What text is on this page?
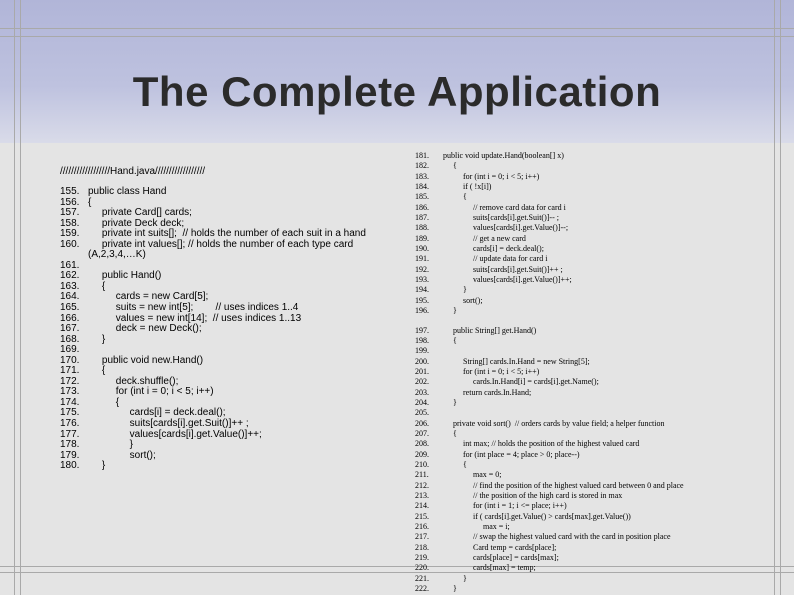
The Complete Application
//////////////////Hand.java//////////////////
155. public class Hand
156. {
157.     private Card[] cards;
158.     private Deck deck;
159.     private int suits[];  // holds the number of each suit in a hand
160.     private int values[]; // holds the number of each type card
(A,2,3,4,…K)
161.
162.     public Hand()
163.     {
164.          cards = new Card[5];
165.          suits = new int[5];        // uses indices 1..4
166.          values = new int[14];  // uses indices 1..13
167.          deck = new Deck();
168.     }
169.
170.     public void new.Hand()
171.     {
172.          deck.shuffle();
173.          for (int i = 0; i < 5; i++)
174.          {
175.               cards[i] = deck.deal();
176.               suits[cards[i].get.Suit()]++ ;
177.               values[cards[i].get.Value()]++;
178.               }
179.               sort();
180.     }
181. public void update.Hand(boolean[] x)
182.     {
183.          for (int i = 0; i < 5; i++)
184.          if ( !x[i])
185.          {
186.               // remove card data for card i
187.               suits[cards[i].get.Suit()]-- ;
188.               values[cards[i].get.Value()]--;
189.               // get a new card
190.               cards[i] = deck.deal();
191.               // update data for card i
192.               suits[cards[i].get.Suit()]++ ;
193.               values[cards[i].get.Value()]++;
194.          }
195.          sort();
196.     }
197.     public String[] get.Hand()
198.     {
199.
200.          String[] cards.In.Hand = new String[5];
201.          for (int i = 0; i < 5; i++)
202.               cards.In.Hand[i] = cards[i].get.Name();
203.          return cards.In.Hand;
204.     }
205.
206.     private void sort()  // orders cards by value field; a helper function
207.     {
208.          int max; // holds the position of the highest valued card
209.          for (int place = 4; place > 0; place--)
210.          {
211.               max = 0;
212.               // find the position of the highest valued card between 0 and place
213.               // the position of the high card is stored in max
214.               for (int i = 1; i <= place; i++)
215.               if ( cards[i].get.Value() > cards[max].get.Value())
216.                    max = i;
217.               // swap the highest valued card with the card in position place
218.               Card temp = cards[place];
219.               cards[place] = cards[max];
220.               cards[max] = temp;
221.          }
222.     }
